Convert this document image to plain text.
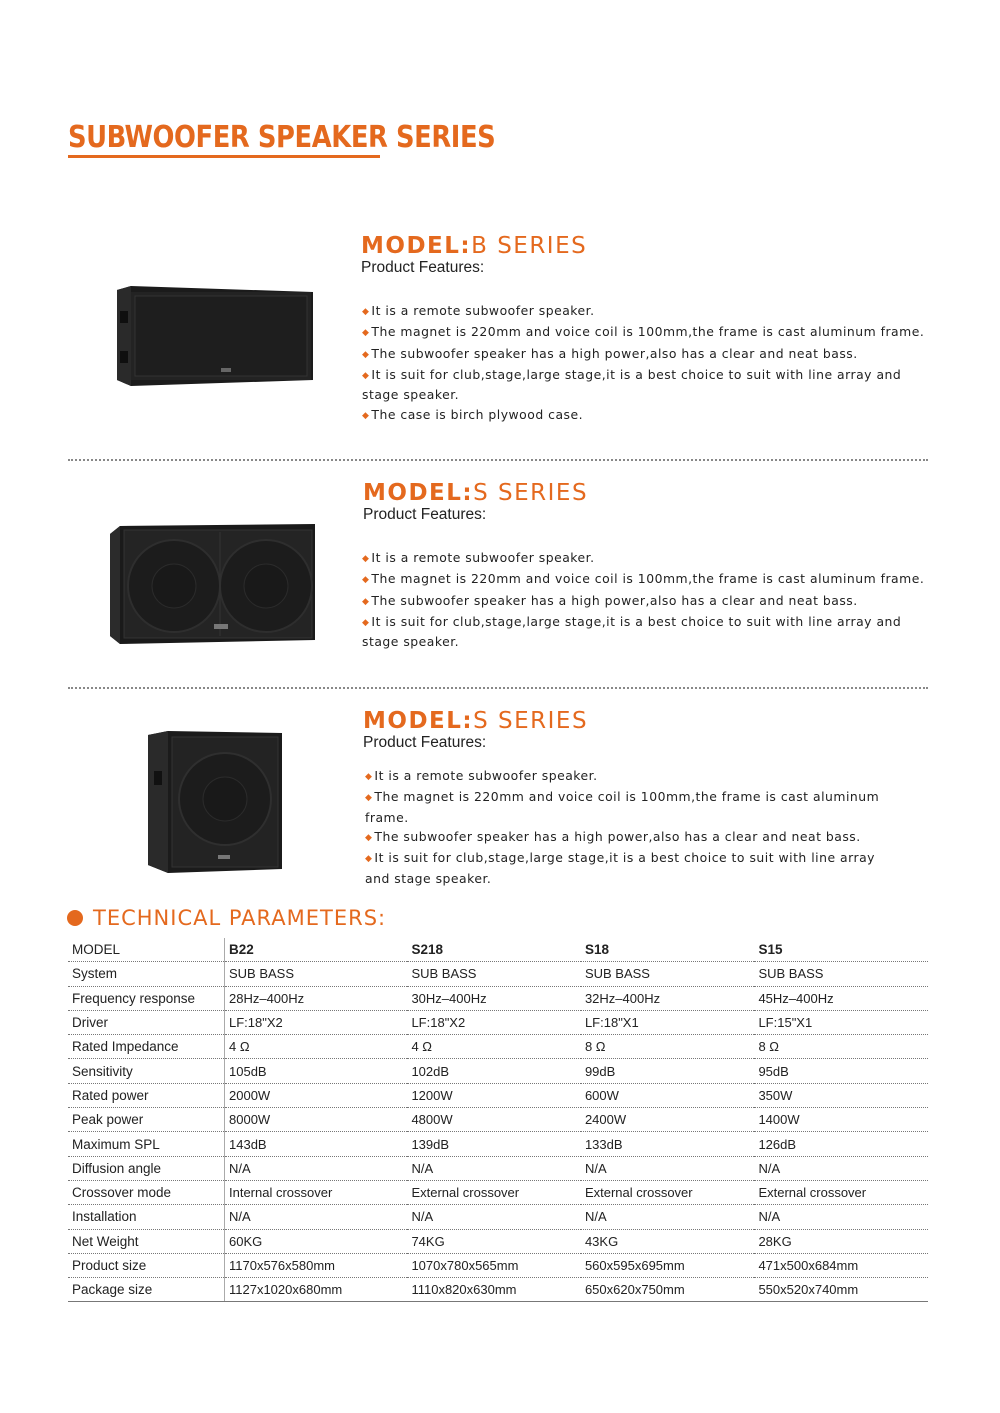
SUBWOOFER SPEAKER SERIES
MODEL:B SERIES
Product Features:
◆ It is a remote subwoofer speaker.
◆ The magnet is 220mm and voice coil is 100mm,the frame is cast aluminum frame.
◆ The subwoofer speaker has a high power,also has a clear and neat bass.
◆ It is suit for club,stage,large stage,it is a best choice to suit with line array and stage speaker.
◆ The case is birch plywood case.
MODEL:S SERIES
Product Features:
◆ It is a remote subwoofer speaker.
◆ The magnet is 220mm and voice coil is 100mm,the frame is cast aluminum frame.
◆ The subwoofer speaker has a high power,also has a clear and neat bass.
◆ It is suit for club,stage,large stage,it is a best choice to suit with line array and stage speaker.
MODEL:S SERIES
Product Features:
◆ It is a remote subwoofer speaker.
◆ The magnet is 220mm and voice coil is 100mm,the frame is cast aluminum frame.
◆ The subwoofer speaker has a high power,also has a clear and neat bass.
◆ It is suit for club,stage,large stage,it is a best choice to suit with line array and stage speaker.
TECHNICAL PARAMETERS:
MODEL	B22	S218	S18	S15
System	SUB BASS	SUB BASS	SUB BASS	SUB BASS
Frequency response	28Hz–400Hz	30Hz–400Hz	32Hz–400Hz	45Hz–400Hz
Driver	LF:18"X2	LF:18"X2	LF:18"X1	LF:15"X1
Rated Impedance	4 Ω	4 Ω	8 Ω	8 Ω
Sensitivity	105dB	102dB	99dB	95dB
Rated power	2000W	1200W	600W	350W
Peak power	8000W	4800W	2400W	1400W
Maximum SPL	143dB	139dB	133dB	126dB
Diffusion angle	N/A	N/A	N/A	N/A
Crossover mode	Internal crossover	External crossover	External crossover	External crossover
Installation	N/A	N/A	N/A	N/A
Net Weight	60KG	74KG	43KG	28KG
Product size	1170x576x580mm	1070x780x565mm	560x595x695mm	471x500x684mm
Package size	1127x1020x680mm	1110x820x630mm	650x620x750mm	550x520x740mm
